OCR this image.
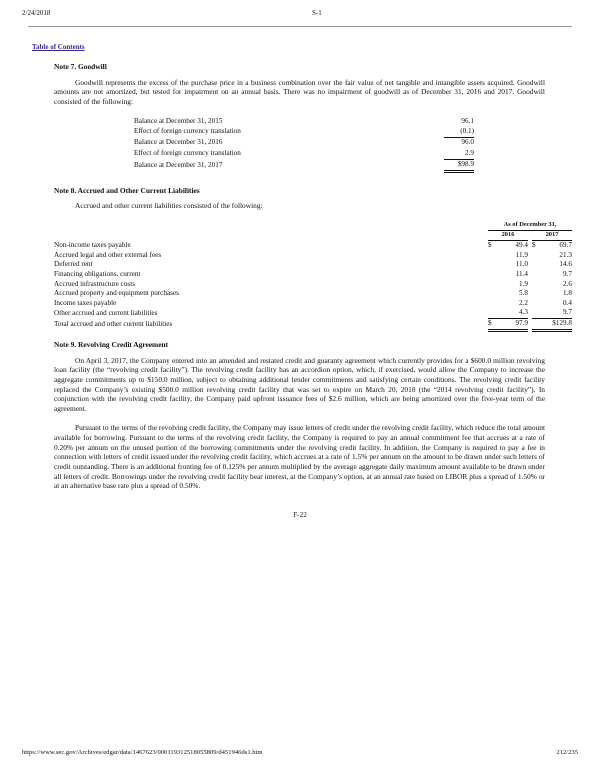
2/24/2018	S-1
Table of Contents

Note 7. Goodwill

Goodwill represents the excess of the purchase price in a business combination over the fair value of net tangible and intangible assets acquired. Goodwill amounts are not amortized, but tested for impairment on an annual basis. There was no impairment of goodwill as of December 31, 2016 and 2017. Goodwill consisted of the following:

Balance at December 31, 2015	96.1
Effect of foreign currency translation	(0.1)
Balance at December 31, 2016	96.0
Effect of foreign currency translation	2.9
Balance at December 31, 2017	$98.9

Note 8. Accrued and Other Current Liabilities

Accrued and other current liabilities consisted of the following:

	As of December 31,		
	2016		2017
Non-income taxes payable	$ 49.4		$ 69.7
Accrued legal and other external fees	11.9		21.3
Deferred rent	11.0		14.6
Financing obligations, current	11.4		9.7
Accrued infrastructure costs	1.9		2.6
Accrued property and equipment purchases	5.8		1.8
Income taxes payable	2.2		0.4
Other accrued and current liabilities	4.3		9.7
Total accrued and other current liabilities	$ 97.9		$129.8

Note 9. Revolving Credit Agreement

On April 3, 2017, the Company entered into an amended and restated credit and guaranty agreement which currently provides for a $600.0 million revolving loan facility (the “revolving credit facility”). The revolving credit facility has an accordion option, which, if exercised, would allow the Company to increase the aggregate commitments up to $150.0 million, subject to obtaining additional lender commitments and satisfying certain conditions. The revolving credit facility replaced the Company’s existing $500.0 million revolving credit facility that was set to expire on March 20, 2018 (the “2014 revolving credit facility”). In conjunction with the revolving credit facility, the Company paid upfront issuance fees of $2.6 million, which are being amortized over the five-year term of the agreement.

Pursuant to the terms of the revolving credit facility, the Company may issue letters of credit under the revolving credit facility, which reduce the total amount available for borrowing. Pursuant to the terms of the revolving credit facility, the Company is required to pay an annual commitment fee that accrues at a rate of 0.20% per annum on the unused portion of the borrowing commitments under the revolving credit facility. In addition, the Company is required to pay a fee in connection with letters of credit issued under the revolving credit facility, which accrues at a rate of 1.5% per annum on the amount to be drawn under such letters of credit outstanding. There is an additional fronting fee of 0.125% per annum multiplied by the average aggregate daily maximum amount available to be drawn under all letters of credit. Borrowings under the revolving credit facility bear interest, at the Company’s option, at an annual rate based on LIBOR plus a spread of 1.50% or at an alternative base rate plus a spread of 0.50%.

F-22
https://www.sec.gov/Archives/edgar/data/1467623/000119312518055809/d451946ds1.htm	212/235
